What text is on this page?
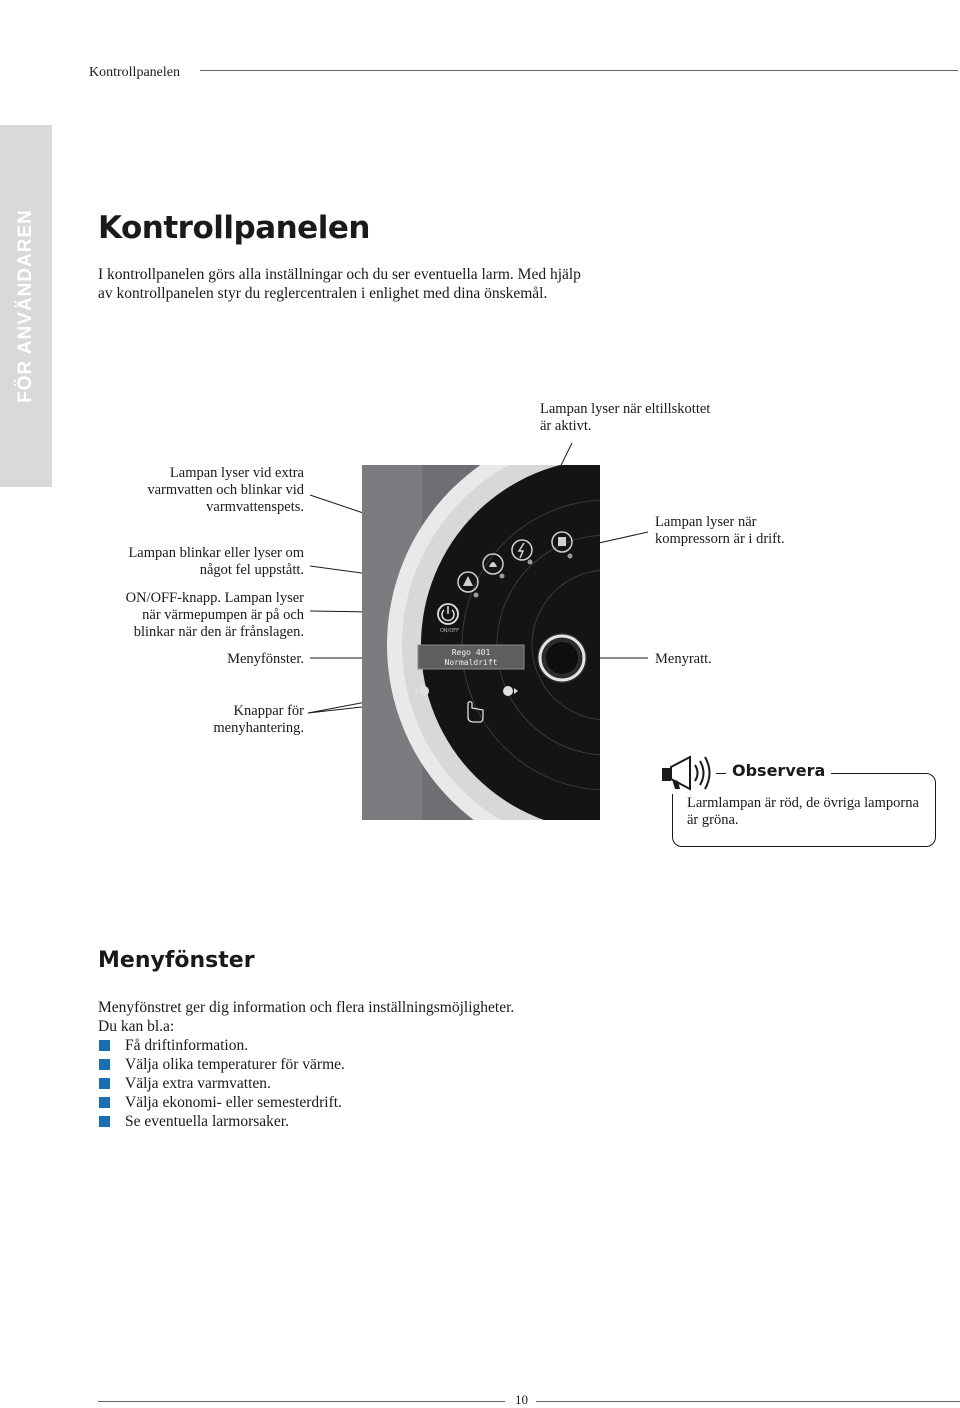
Kontrollpanelen
FÖR ANVÄNDAREN Kontrollpanelen

I kontrollpanelen görs alla inställningar och du ser eventuella larm. Med hjälp av kontrollpanelen styr du reglercentralen i enlighet med dina önskemål.

Lampan lyser när eltillskottet
är aktivt.
Lampan lyser vid extra
varmvatten och blinkar vid
varmvattenspets.
Lampan blinkar eller lyser om
något fel uppstått.
ON/OFF-knapp. Lampan lyser
när värmepumpen är på och
blinkar när den är frånslagen.
Menyfönster.
Knappar för
menyhantering.
Lampan lyser när
kompressorn är i drift.
Menyratt.
ON/OFF
Rego 401
Normaldrift
Observera
Larmlampan är röd, de övriga lamporna är gröna.
Menyfönster
Menyfönstret ger dig information och flera inställningsmöjligheter.
Du kan bl.a:
Få driftinformation.
Välja olika temperaturer för värme.
Välja extra varmvatten.
Välja ekonomi- eller semesterdrift.
Se eventuella larmorsaker.
10
